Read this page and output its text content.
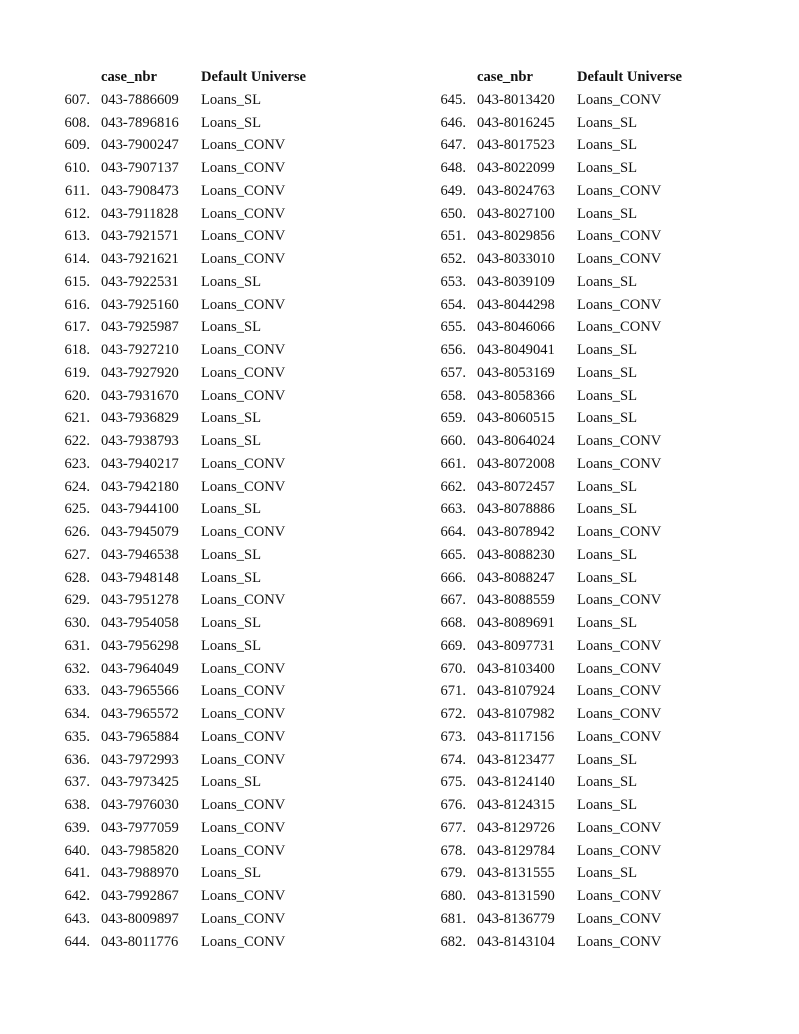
case_nbr	Default Universe
607. 043-7886609 Loans_SL
608. 043-7896816 Loans_SL
609. 043-7900247 Loans_CONV
610. 043-7907137 Loans_CONV
611. 043-7908473 Loans_CONV
612. 043-7911828 Loans_CONV
613. 043-7921571 Loans_CONV
614. 043-7921621 Loans_CONV
615. 043-7922531 Loans_SL
616. 043-7925160 Loans_CONV
617. 043-7925987 Loans_SL
618. 043-7927210 Loans_CONV
619. 043-7927920 Loans_CONV
620. 043-7931670 Loans_CONV
621. 043-7936829 Loans_SL
622. 043-7938793 Loans_SL
623. 043-7940217 Loans_CONV
624. 043-7942180 Loans_CONV
625. 043-7944100 Loans_SL
626. 043-7945079 Loans_CONV
627. 043-7946538 Loans_SL
628. 043-7948148 Loans_SL
629. 043-7951278 Loans_CONV
630. 043-7954058 Loans_SL
631. 043-7956298 Loans_SL
632. 043-7964049 Loans_CONV
633. 043-7965566 Loans_CONV
634. 043-7965572 Loans_CONV
635. 043-7965884 Loans_CONV
636. 043-7972993 Loans_CONV
637. 043-7973425 Loans_SL
638. 043-7976030 Loans_CONV
639. 043-7977059 Loans_CONV
640. 043-7985820 Loans_CONV
641. 043-7988970 Loans_SL
642. 043-7992867 Loans_CONV
643. 043-8009897 Loans_CONV
644. 043-8011776 Loans_CONV
case_nbr	Default Universe
645. 043-8013420 Loans_CONV
646. 043-8016245 Loans_SL
647. 043-8017523 Loans_SL
648. 043-8022099 Loans_SL
649. 043-8024763 Loans_CONV
650. 043-8027100 Loans_SL
651. 043-8029856 Loans_CONV
652. 043-8033010 Loans_CONV
653. 043-8039109 Loans_SL
654. 043-8044298 Loans_CONV
655. 043-8046066 Loans_CONV
656. 043-8049041 Loans_SL
657. 043-8053169 Loans_SL
658. 043-8058366 Loans_SL
659. 043-8060515 Loans_SL
660. 043-8064024 Loans_CONV
661. 043-8072008 Loans_CONV
662. 043-8072457 Loans_SL
663. 043-8078886 Loans_SL
664. 043-8078942 Loans_CONV
665. 043-8088230 Loans_SL
666. 043-8088247 Loans_SL
667. 043-8088559 Loans_CONV
668. 043-8089691 Loans_SL
669. 043-8097731 Loans_CONV
670. 043-8103400 Loans_CONV
671. 043-8107924 Loans_CONV
672. 043-8107982 Loans_CONV
673. 043-8117156 Loans_CONV
674. 043-8123477 Loans_SL
675. 043-8124140 Loans_SL
676. 043-8124315 Loans_SL
677. 043-8129726 Loans_CONV
678. 043-8129784 Loans_CONV
679. 043-8131555 Loans_SL
680. 043-8131590 Loans_CONV
681. 043-8136779 Loans_CONV
682. 043-8143104 Loans_CONV
